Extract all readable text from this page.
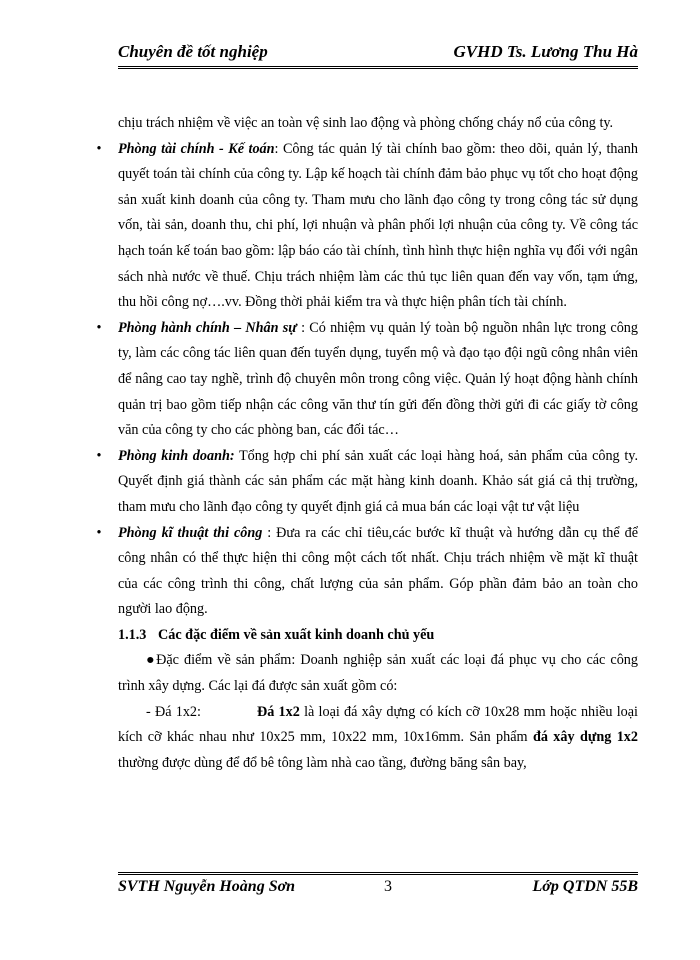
Chuyên đề tốt nghiệp	GVHD Ts. Lương Thu Hà

chịu trách nhiệm về việc an toàn vệ sinh lao động và phòng chống cháy nổ của công ty.

•	Phòng tài chính - Kế toán: Công tác quản lý tài chính bao gồm: theo dõi, quản lý, thanh quyết toán tài chính của công ty. Lập kế hoạch tài chính đảm bảo phục vụ tốt cho hoạt động sản xuất kinh doanh của công ty. Tham mưu cho lãnh đạo công ty trong công tác sử dụng vốn, tài sản, doanh thu, chi phí, lợi nhuận và phân phối lợi nhuận của công ty. Về công tác hạch toán kế toán bao gồm: lập báo cáo tài chính, tình hình thực hiện nghĩa vụ đối với ngân sách nhà nước về thuế. Chịu trách nhiệm làm các thủ tục liên quan đến vay vốn, tạm ứng, thu hồi công nợ….vv. Đồng thời phải kiểm tra và thực hiện phân tích tài chính.

•	Phòng hành chính – Nhân sự : Có nhiệm vụ quản lý toàn bộ nguồn nhân lực trong công ty, làm các công tác liên quan đến tuyển dụng, tuyển mộ và đạo tạo đội ngũ công nhân viên để nâng cao tay nghề, trình độ chuyên môn trong công việc. Quản lý hoạt động hành chính quản trị bao gồm tiếp nhận các công văn thư tín gửi đến đồng thời gửi đi các giấy tờ công văn của công ty cho các phòng ban, các đối tác…

•	Phòng kinh doanh: Tổng hợp chi phí sản xuất các loại hàng hoá, sản phẩm của công ty. Quyết định giá thành các sản phẩm các mặt hàng kinh doanh. Khảo sát giá cả thị trường, tham mưu cho lãnh đạo công ty quyết định giá cả mua bán các loại vật tư vật liệu

•	Phòng kĩ thuật thi công : Đưa ra các chỉ tiêu,các bước kĩ thuật và hướng dẫn cụ thể để công nhân có thể thực hiện thi công một cách tốt nhất. Chịu trách nhiệm về mặt kĩ thuật của các công trình thi công, chất lượng của sản phẩm. Góp phần đảm bảo an toàn cho người lao động.

1.1.3 Các đặc điểm về sản xuất kinh doanh chủ yếu

●Đặc điểm về sản phẩm: Doanh nghiệp sản xuất các loại đá phục vụ cho các công trình xây dựng. Các lại đá được sản xuất gồm có:

- Đá 1x2:	Đá 1x2 là loại đá xây dựng có kích cỡ 10x28 mm hoặc nhiều loại kích cỡ khác nhau như 10x25 mm, 10x22 mm, 10x16mm. Sản phẩm đá xây dựng 1x2 thường được dùng để đổ bê tông làm nhà cao tầng, đường băng sân bay,

SVTH Nguyễn Hoàng Sơn	3	Lớp QTDN 55B
